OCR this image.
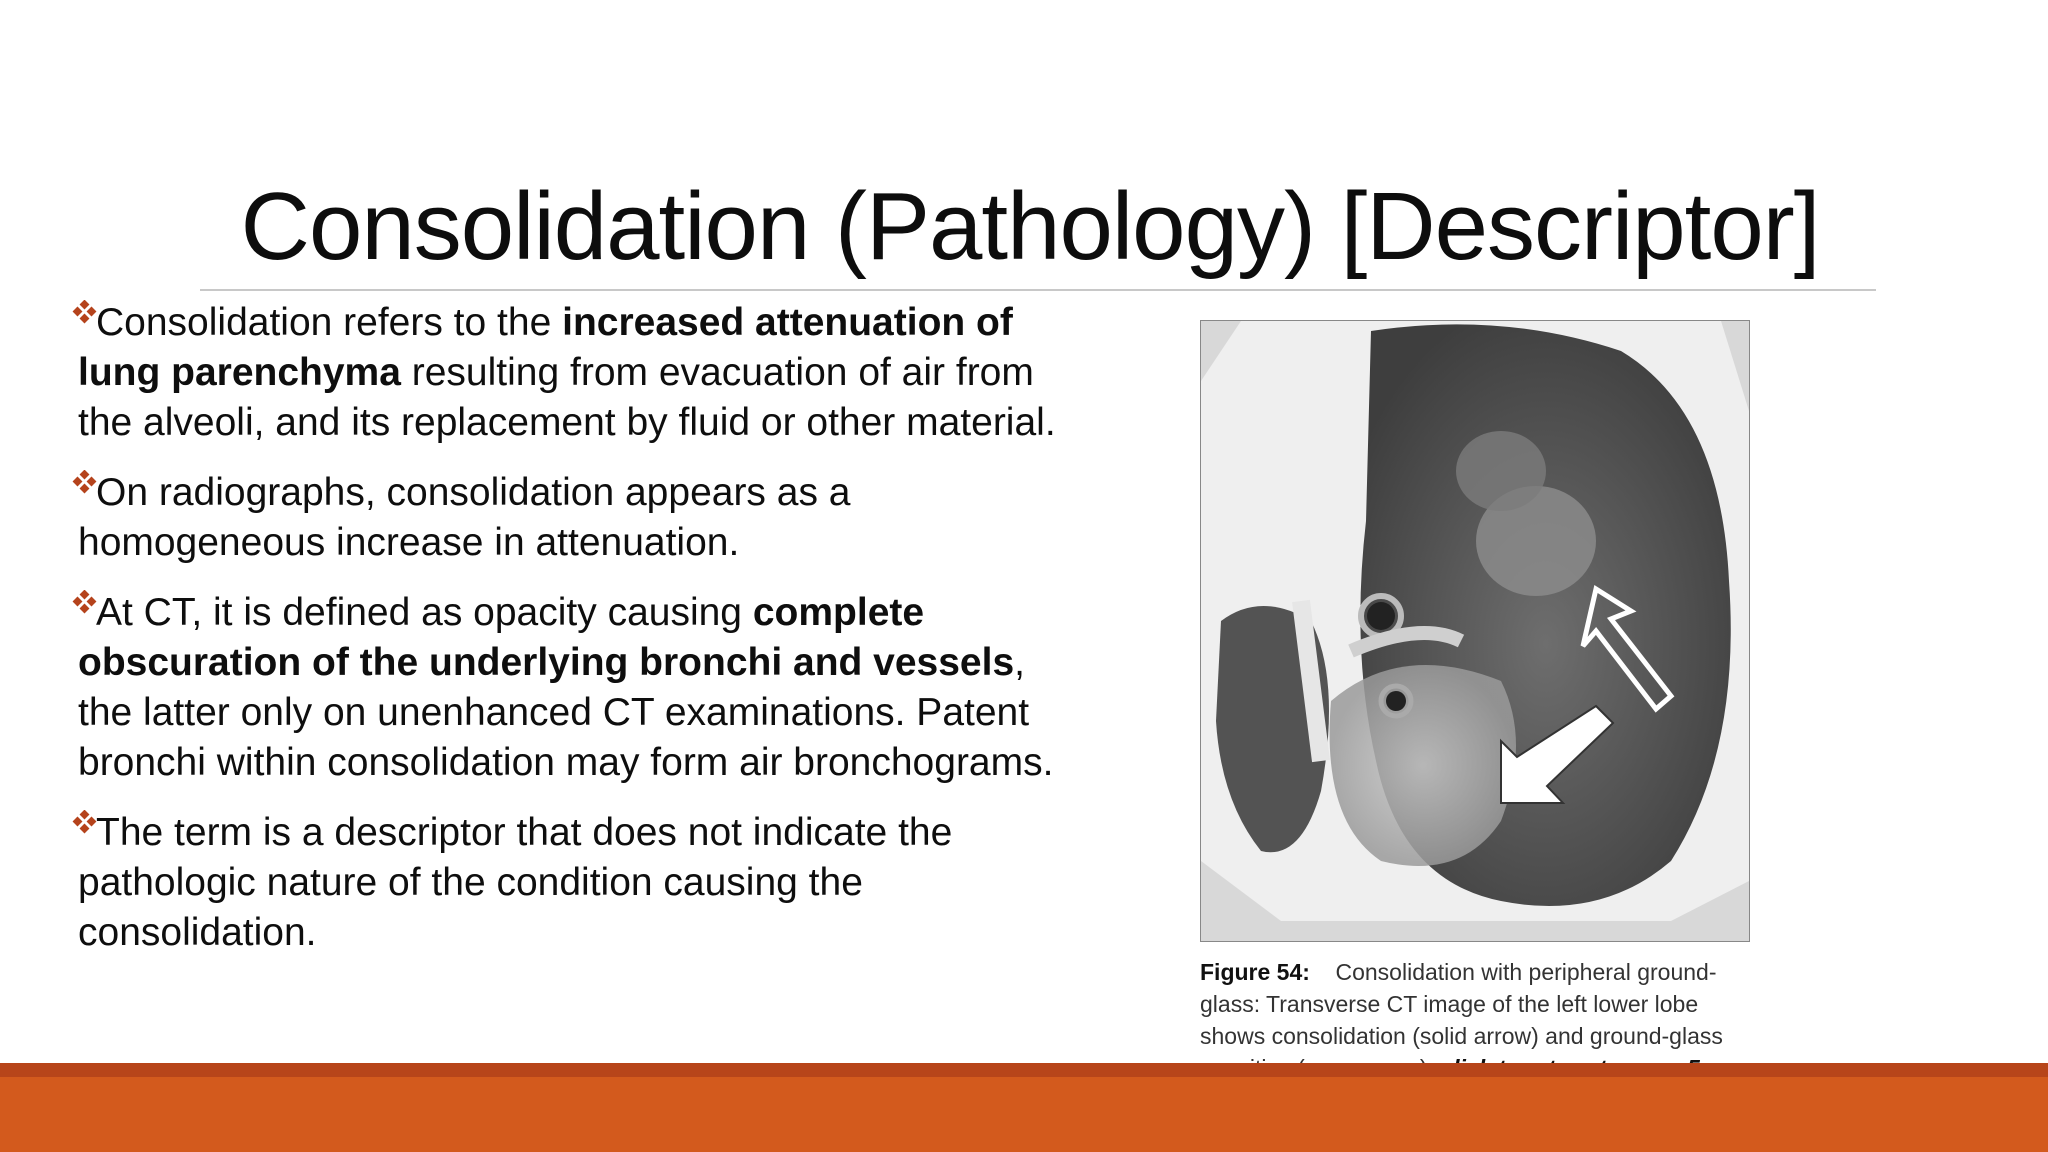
Consolidation (Pathology) [Descriptor]
Consolidation refers to the increased attenuation of lung parenchyma resulting from evacuation of air from the alveoli, and its replacement by fluid or other material.
On radiographs, consolidation appears as a homogeneous increase in attenuation.
At CT, it is defined as opacity causing complete obscuration of the underlying bronchi and vessels, the latter only on unenhanced CT examinations. Patent bronchi within consolidation may form air bronchograms.
The term is a descriptor that does not indicate the pathologic nature of the condition causing the consolidation.
Figure 54: Consolidation with peripheral ground-glass: Transverse CT image of the left lower lobe shows consolidation (solid arrow) and ground-glass
